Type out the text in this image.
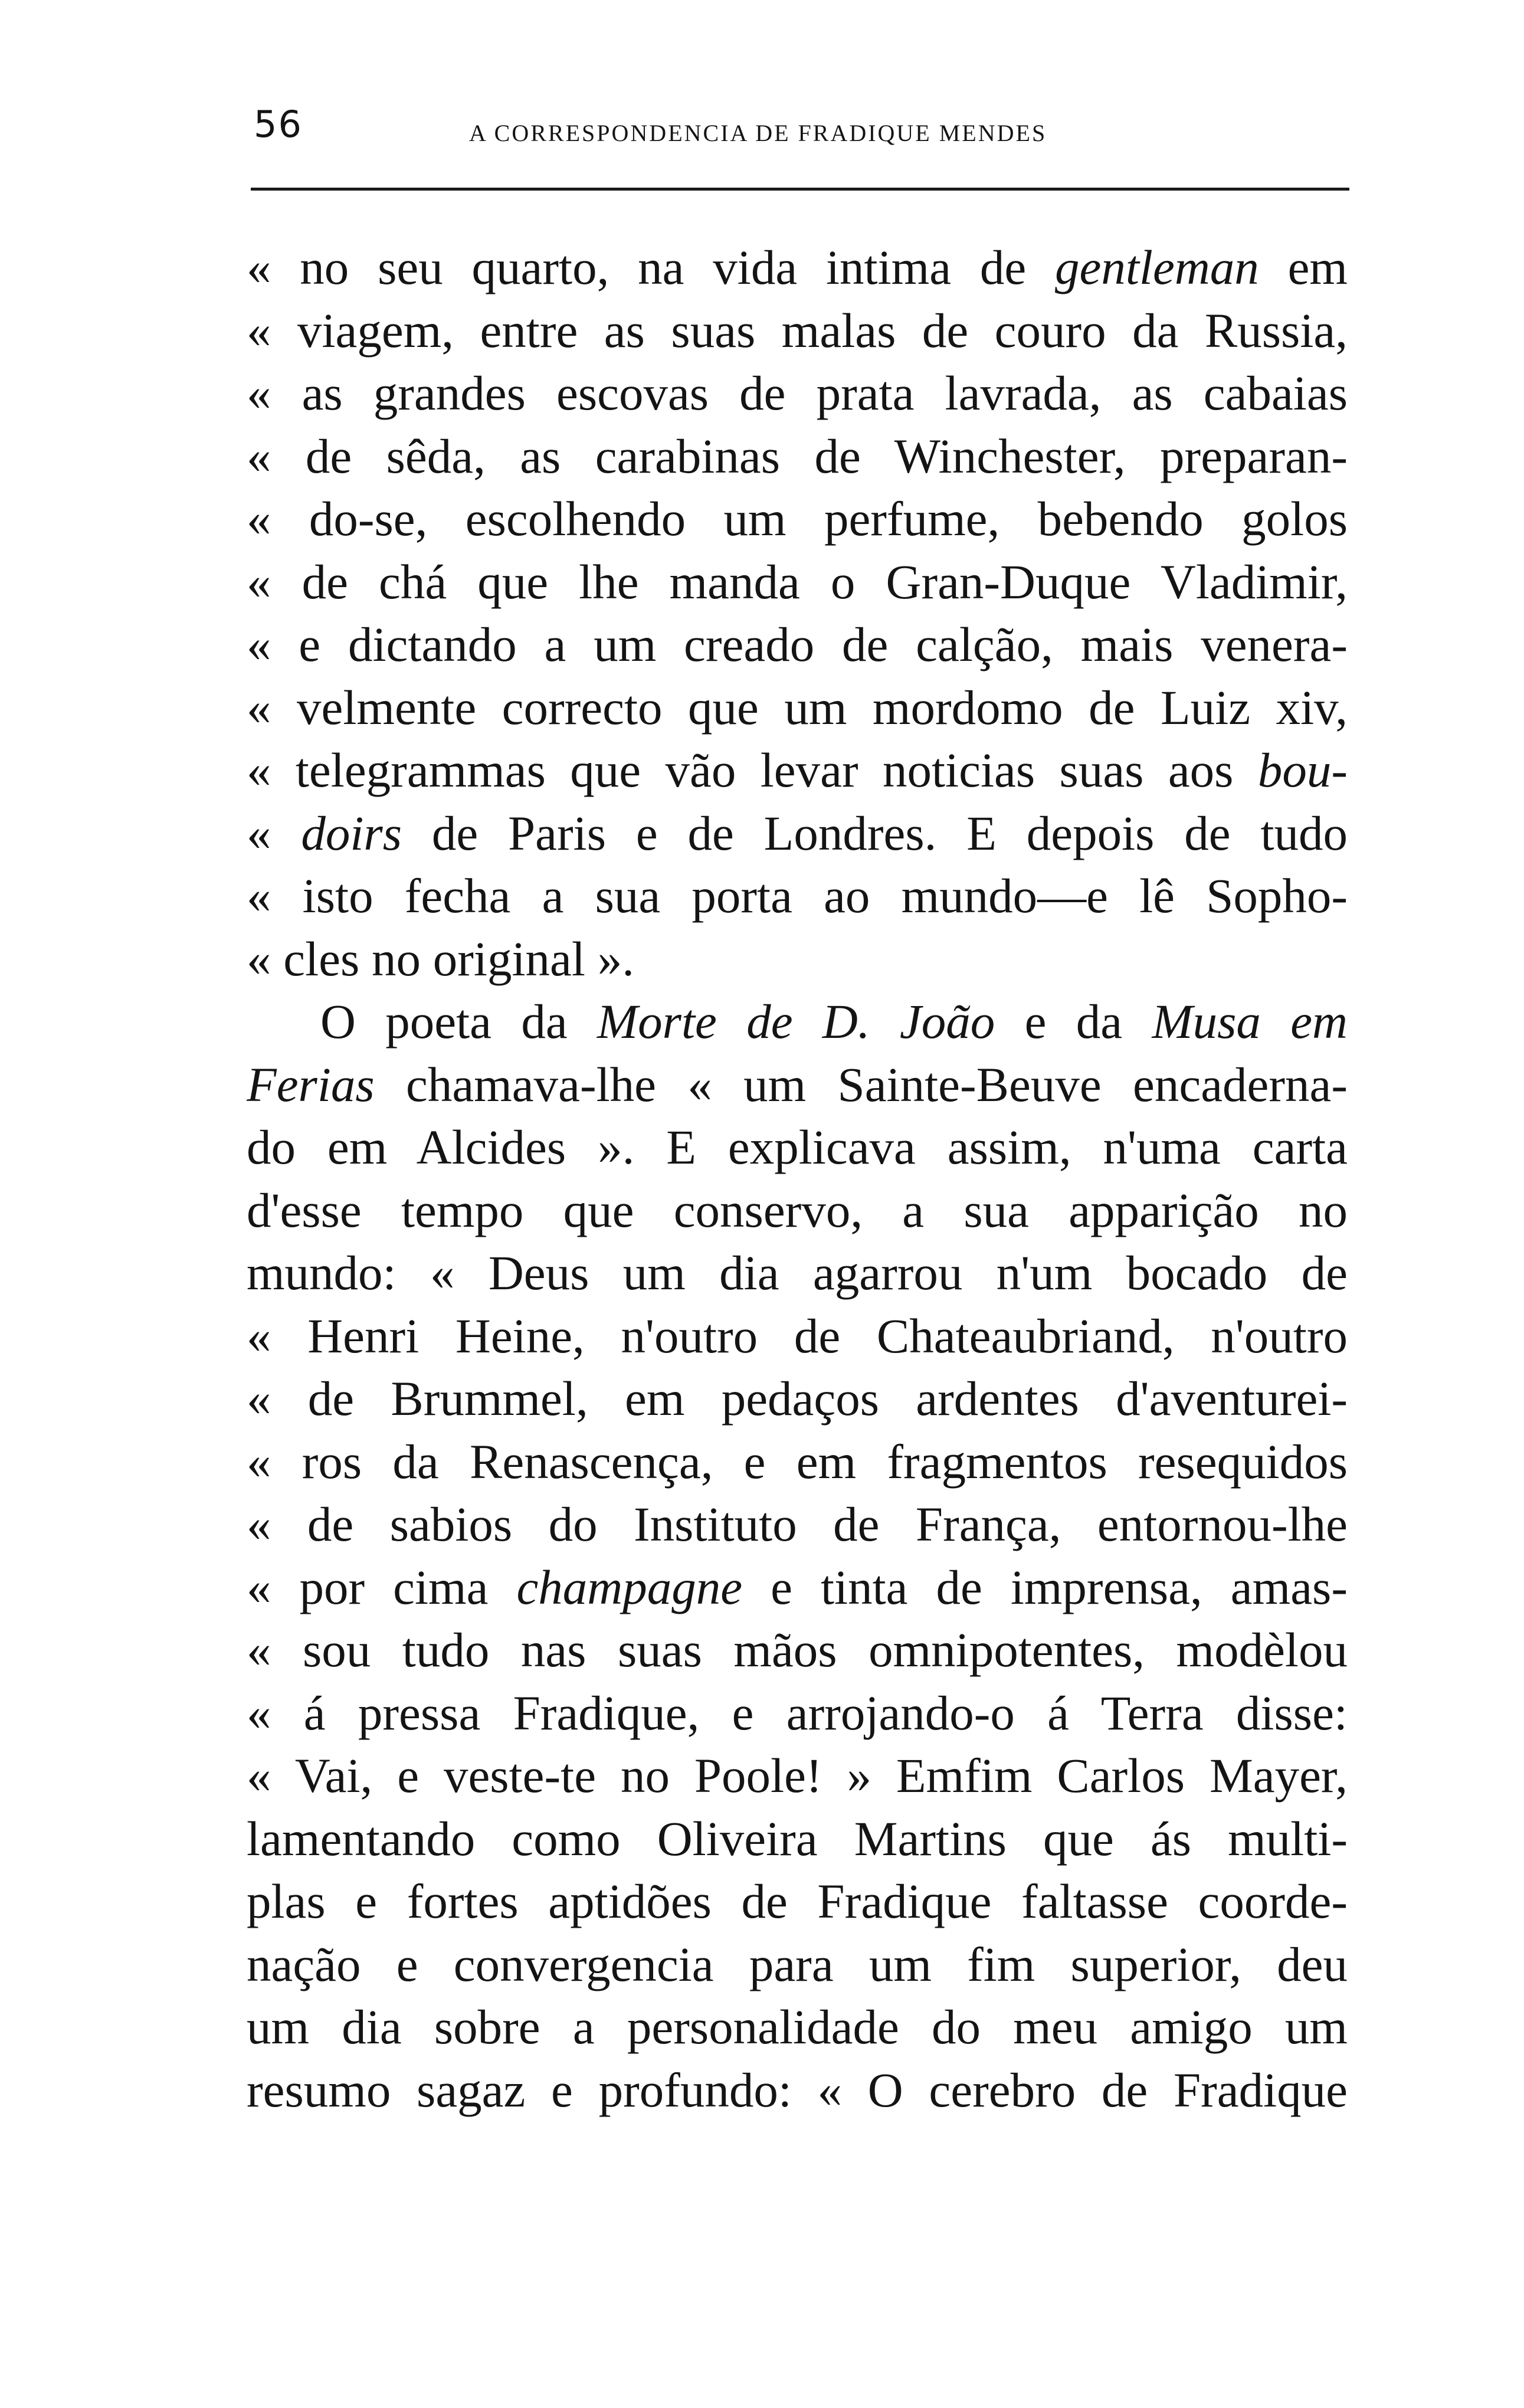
56	A CORRESPONDENCIA DE FRADIQUE MENDES
« no seu quarto, na vida intima de gentleman em
« viagem, entre as suas malas de couro da Russia,
« as grandes escovas de prata lavrada, as cabaias
« de sêda, as carabinas de Winchester, preparan-
« do-se, escolhendo um perfume, bebendo golos
« de chá que lhe manda o Gran-Duque Vladimir,
« e dictando a um creado de calção, mais venera-
« velmente correcto que um mordomo de Luiz xiv,
« telegrammas que vão levar noticias suas aos bou-
« doirs de Paris e de Londres. E depois de tudo
« isto fecha a sua porta ao mundo—e lê Sopho-
« cles no original ».
O poeta da Morte de D. João e da Musa em
Ferias chamava-lhe « um Sainte-Beuve encaderna-
do em Alcides ». E explicava assim, n'uma carta
d'esse tempo que conservo, a sua apparição no
mundo: « Deus um dia agarrou n'um bocado de
« Henri Heine, n'outro de Chateaubriand, n'outro
« de Brummel, em pedaços ardentes d'aventurei-
« ros da Renascença, e em fragmentos resequidos
« de sabios do Instituto de França, entornou-lhe
« por cima champagne e tinta de imprensa, amas-
« sou tudo nas suas mãos omnipotentes, modèlou
« á pressa Fradique, e arrojando-o á Terra disse:
« Vai, e veste-te no Poole! » Emfim Carlos Mayer,
lamentando como Oliveira Martins que ás multi-
plas e fortes aptidões de Fradique faltasse coorde-
nação e convergencia para um fim superior, deu
um dia sobre a personalidade do meu amigo um
resumo sagaz e profundo: « O cerebro de Fradique
